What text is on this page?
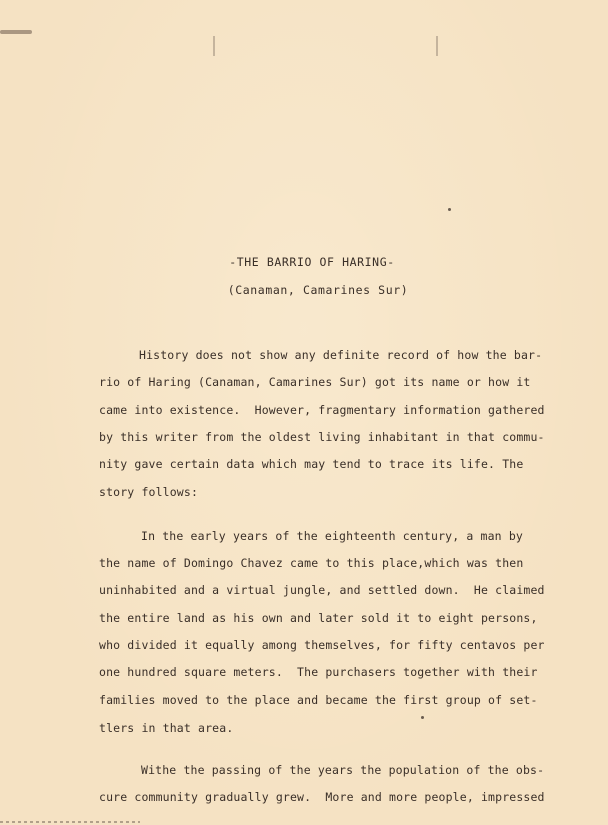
-THE BARRIO OF HARING-
(Canaman, Camarines Sur)
History does not show any definite record of how the bar-
rio of Haring (Canaman, Camarines Sur) got its name or how it
came into existence.  However, fragmentary information gathered
by this writer from the oldest living inhabitant in that commu-
nity gave certain data which may tend to trace its life. The
story follows:
In the early years of the eighteenth century, a man by
the name of Domingo Chavez came to this place,which was then
uninhabited and a virtual jungle, and settled down.  He claimed
the entire land as his own and later sold it to eight persons,
who divided it equally among themselves, for fifty centavos per
one hundred square meters.  The purchasers together with their
families moved to the place and became the first group of set-
tlers in that area.
Withe the passing of the years the population of the obs-
cure community gradually grew.  More and more people, impressed
